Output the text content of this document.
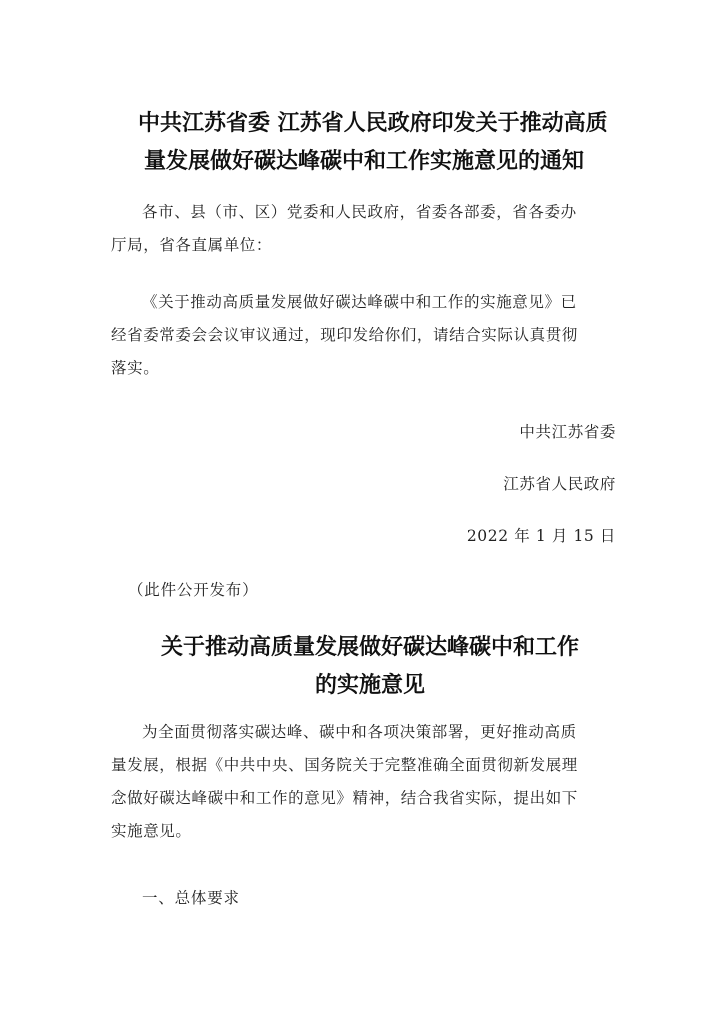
中共江苏省委 江苏省人民政府印发关于推动高质
量发展做好碳达峰碳中和工作实施意见的通知
各市、县（市、区）党委和人民政府，省委各部委，省各委办
厅局，省各直属单位：
《关于推动高质量发展做好碳达峰碳中和工作的实施意见》已
经省委常委会会议审议通过，现印发给你们，请结合实际认真贯彻
落实。

中共江苏省委

江苏省人民政府

2022 年 1 月 15 日

（此件公开发布）

关于推动高质量发展做好碳达峰碳中和工作
的实施意见
为全面贯彻落实碳达峰、碳中和各项决策部署，更好推动高质
量发展，根据《中共中央、国务院关于完整准确全面贯彻新发展理
念做好碳达峰碳中和工作的意见》精神，结合我省实际，提出如下
实施意见。

一、总体要求
